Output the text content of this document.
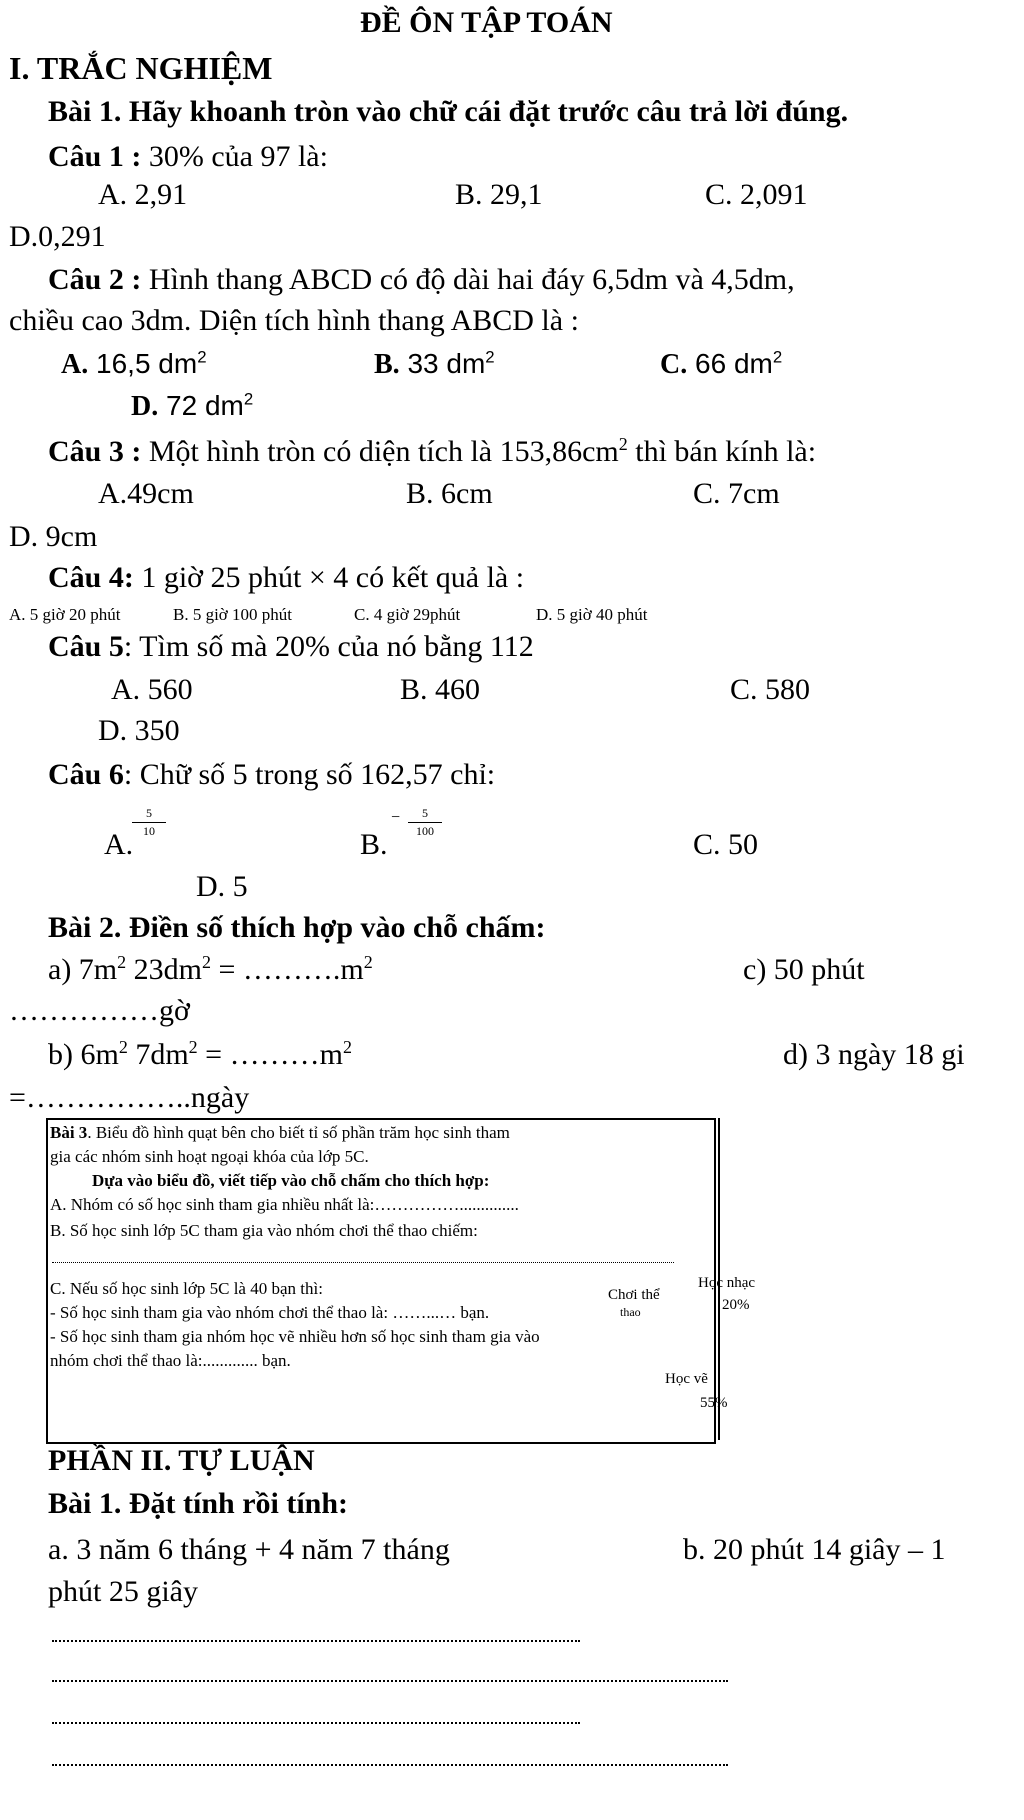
ĐỀ ÔN TẬP TOÁN
I. TRẮC NGHIỆM
Bài 1. Hãy khoanh tròn vào chữ cái đặt trước câu trả lời đúng.
Câu 1 : 30% của 97 là:
A. 2,91	B. 29,1	C. 2,091
D.0,291
Câu 2 : Hình thang ABCD có độ dài hai đáy 6,5dm và 4,5dm,
chiều cao 3dm. Diện tích hình thang ABCD là :
A. 16,5 $dm^2$	B. 33 $dm^2$	C. 66 $dm^2$
D. 72 $dm^2$
Câu 3 : Một hình tròn có diện tích là $153,86cm^2$ thì bán kính là:
A.49cm	B. 6cm	C. 7cm
D. 9cm
Câu 4: 1 giờ 25 phút × 4 có kết quả là :
A. 5 giờ 20 phút	B. 5 giờ 100 phút	C. 4 giờ 29phút	D. 5 giờ 40 phút
Câu 5: Tìm số mà 20% của nó bằng 112
A. 560	B. 460	C. 580
D. 350
Câu 6: Chữ số 5 trong số 162,57 chỉ:
A.
$\frac{5}{10}$
B.
− $\frac{5}{100}$
C. 50
D. 5
Bài 2. Điền số thích hợp vào chỗ chấm:
a) $7m^2$ $23dm^2$ = $\dots\dots\dots.m^2$	c) 50 phút
……………gờ
b) $6m^2$ $7dm^2$ = $\dots\dots\dots m^2$	d) 3 ngày 18 gi
=……………..ngày
Bài 3. Biểu đồ hình quạt bên cho biết tỉ số phần trăm học sinh tham
gia các nhóm sinh hoạt ngoại khóa của lớp 5C.
Dựa vào biểu đồ, viết tiếp vào chỗ chấm cho thích hợp:
A. Nhóm có số học sinh tham gia nhiều nhất là:……………..............
B. Số học sinh lớp 5C tham gia vào nhóm chơi thể thao chiếm:
C. Nếu số học sinh lớp 5C là 40 bạn thì:
- Số học sinh tham gia vào nhóm chơi thể thao là: ……...… bạn.
- Số học sinh tham gia nhóm học vẽ nhiều hơn số học sinh tham gia vào
nhóm chơi thể thao là:............. bạn.
Chơi thể
thao
Học nhạc
20%
Học vẽ
55%
PHẦN II. TỰ LUẬN
Bài 1. Đặt tính rồi tính:
a. 3 năm 6 tháng + 4 năm 7 tháng	b. 20 phút 14 giây – 1
phút 25 giây
